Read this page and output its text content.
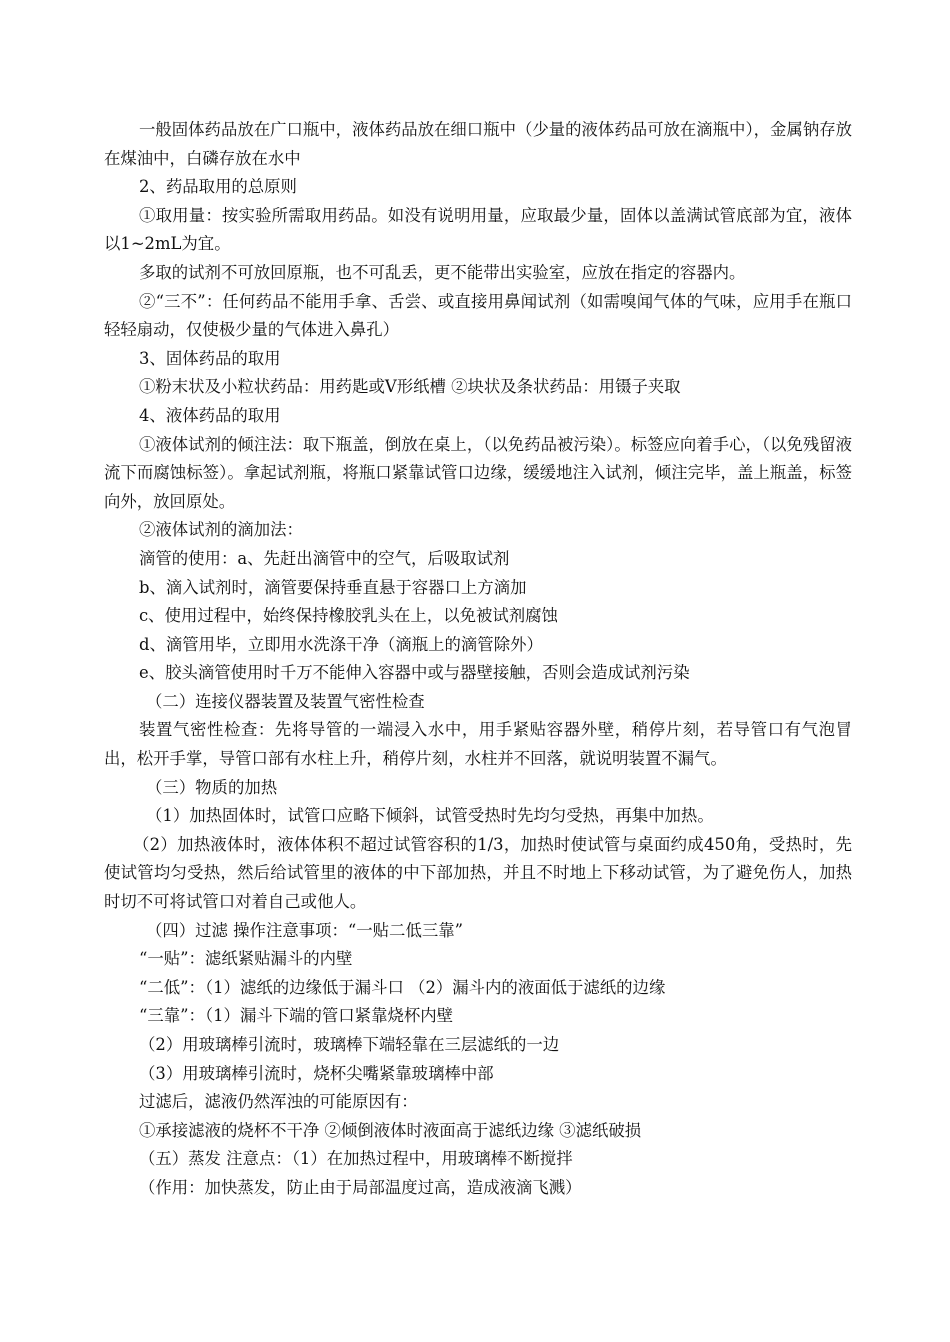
一般固体药品放在广口瓶中，液体药品放在细口瓶中（少量的液体药品可放在滴瓶中），金属钠存放在煤油中，白磷存放在水中

2、药品取用的总原则

①取用量：按实验所需取用药品。如没有说明用量，应取最少量，固体以盖满试管底部为宜，液体以1~2mL为宜。

多取的试剂不可放回原瓶，也不可乱丢，更不能带出实验室，应放在指定的容器内。

②“三不”：任何药品不能用手拿、舌尝、或直接用鼻闻试剂（如需嗅闻气体的气味，应用手在瓶口轻轻扇动，仅使极少量的气体进入鼻孔）

3、固体药品的取用

①粉末状及小粒状药品：用药匙或V形纸槽 ②块状及条状药品：用镊子夹取

4、液体药品的取用

①液体试剂的倾注法：取下瓶盖，倒放在桌上，（以免药品被污染）。标签应向着手心，（以免残留液流下而腐蚀标签）。拿起试剂瓶，将瓶口紧靠试管口边缘，缓缓地注入试剂，倾注完毕，盖上瓶盖，标签向外，放回原处。

②液体试剂的滴加法：

滴管的使用：a、先赶出滴管中的空气，后吸取试剂

b、滴入试剂时，滴管要保持垂直悬于容器口上方滴加

c、使用过程中，始终保持橡胶乳头在上，以免被试剂腐蚀

d、滴管用毕，立即用水洗涤干净（滴瓶上的滴管除外）

e、胶头滴管使用时千万不能伸入容器中或与器壁接触，否则会造成试剂污染

（二）连接仪器装置及装置气密性检查

装置气密性检查：先将导管的一端浸入水中，用手紧贴容器外壁，稍停片刻，若导管口有气泡冒出，松开手掌，导管口部有水柱上升，稍停片刻，水柱并不回落，就说明装置不漏气。

（三）物质的加热

（1）加热固体时，试管口应略下倾斜，试管受热时先均匀受热，再集中加热。

（2）加热液体时，液体体积不超过试管容积的1/3，加热时使试管与桌面约成450角，受热时，先使试管均匀受热，然后给试管里的液体的中下部加热，并且不时地上下移动试管，为了避免伤人，加热时切不可将试管口对着自己或他人。

（四）过滤 操作注意事项：“一贴二低三靠”

“一贴”：滤纸紧贴漏斗的内壁

“二低”：（1）滤纸的边缘低于漏斗口 （2）漏斗内的液面低于滤纸的边缘

“三靠”：（1）漏斗下端的管口紧靠烧杯内壁

（2）用玻璃棒引流时，玻璃棒下端轻靠在三层滤纸的一边

（3）用玻璃棒引流时，烧杯尖嘴紧靠玻璃棒中部

过滤后，滤液仍然浑浊的可能原因有：

①承接滤液的烧杯不干净 ②倾倒液体时液面高于滤纸边缘 ③滤纸破损

（五）蒸发 注意点：（1）在加热过程中，用玻璃棒不断搅拌

（作用：加快蒸发，防止由于局部温度过高，造成液滴飞溅）
